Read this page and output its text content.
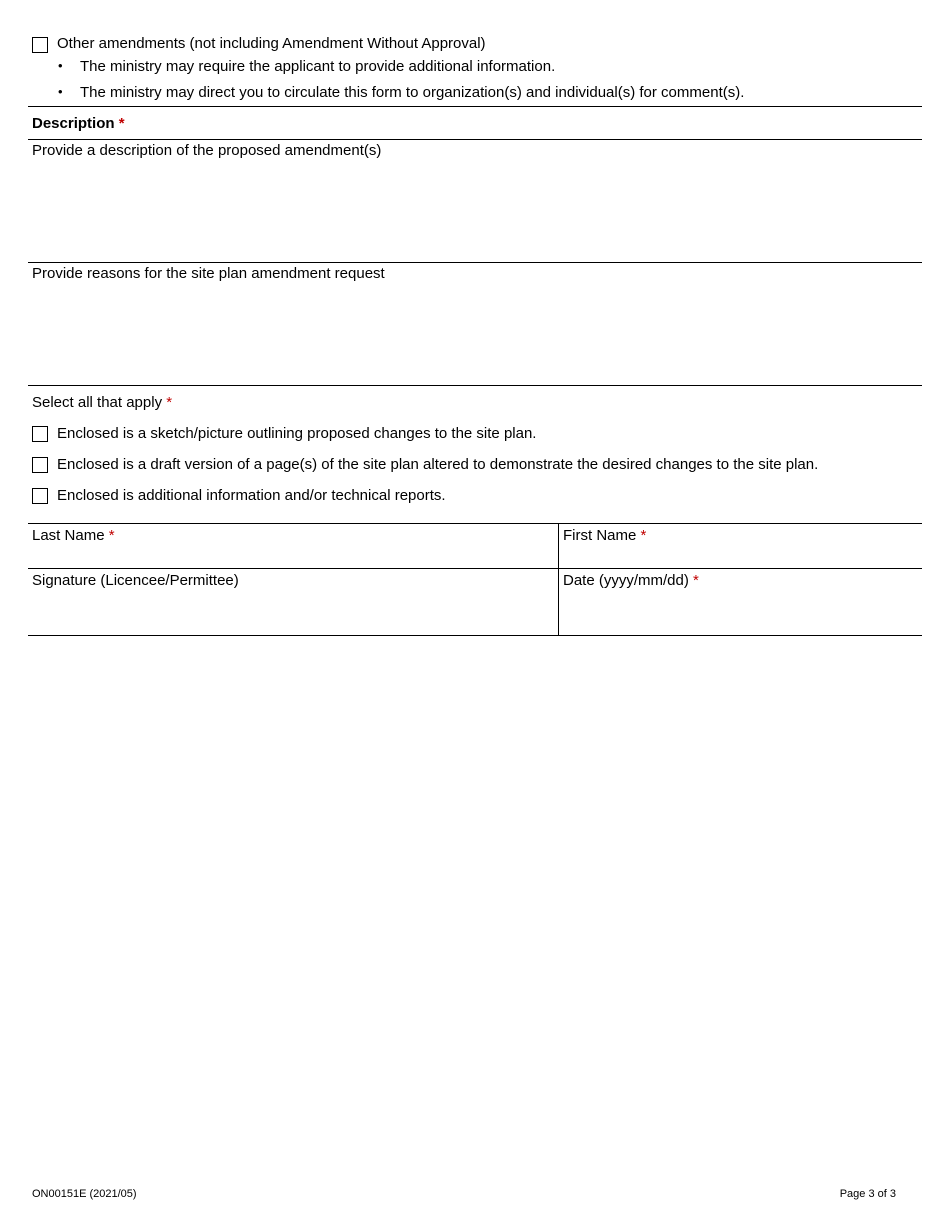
Other amendments (not including Amendment Without Approval)
• The ministry may require the applicant to provide additional information.
• The ministry may direct you to circulate this form to organization(s) and individual(s) for comment(s).
Description *
Provide a description of the proposed amendment(s)
Provide reasons for the site plan amendment request
Select all that apply *
Enclosed is a sketch/picture outlining proposed changes to the site plan.
Enclosed is a draft version of a page(s) of the site plan altered to demonstrate the desired changes to the site plan.
Enclosed is additional information and/or technical reports.
Last Name *	First Name *
Signature (Licencee/Permittee)	Date (yyyy/mm/dd) *
ON00151E (2021/05)	Page 3 of 3
